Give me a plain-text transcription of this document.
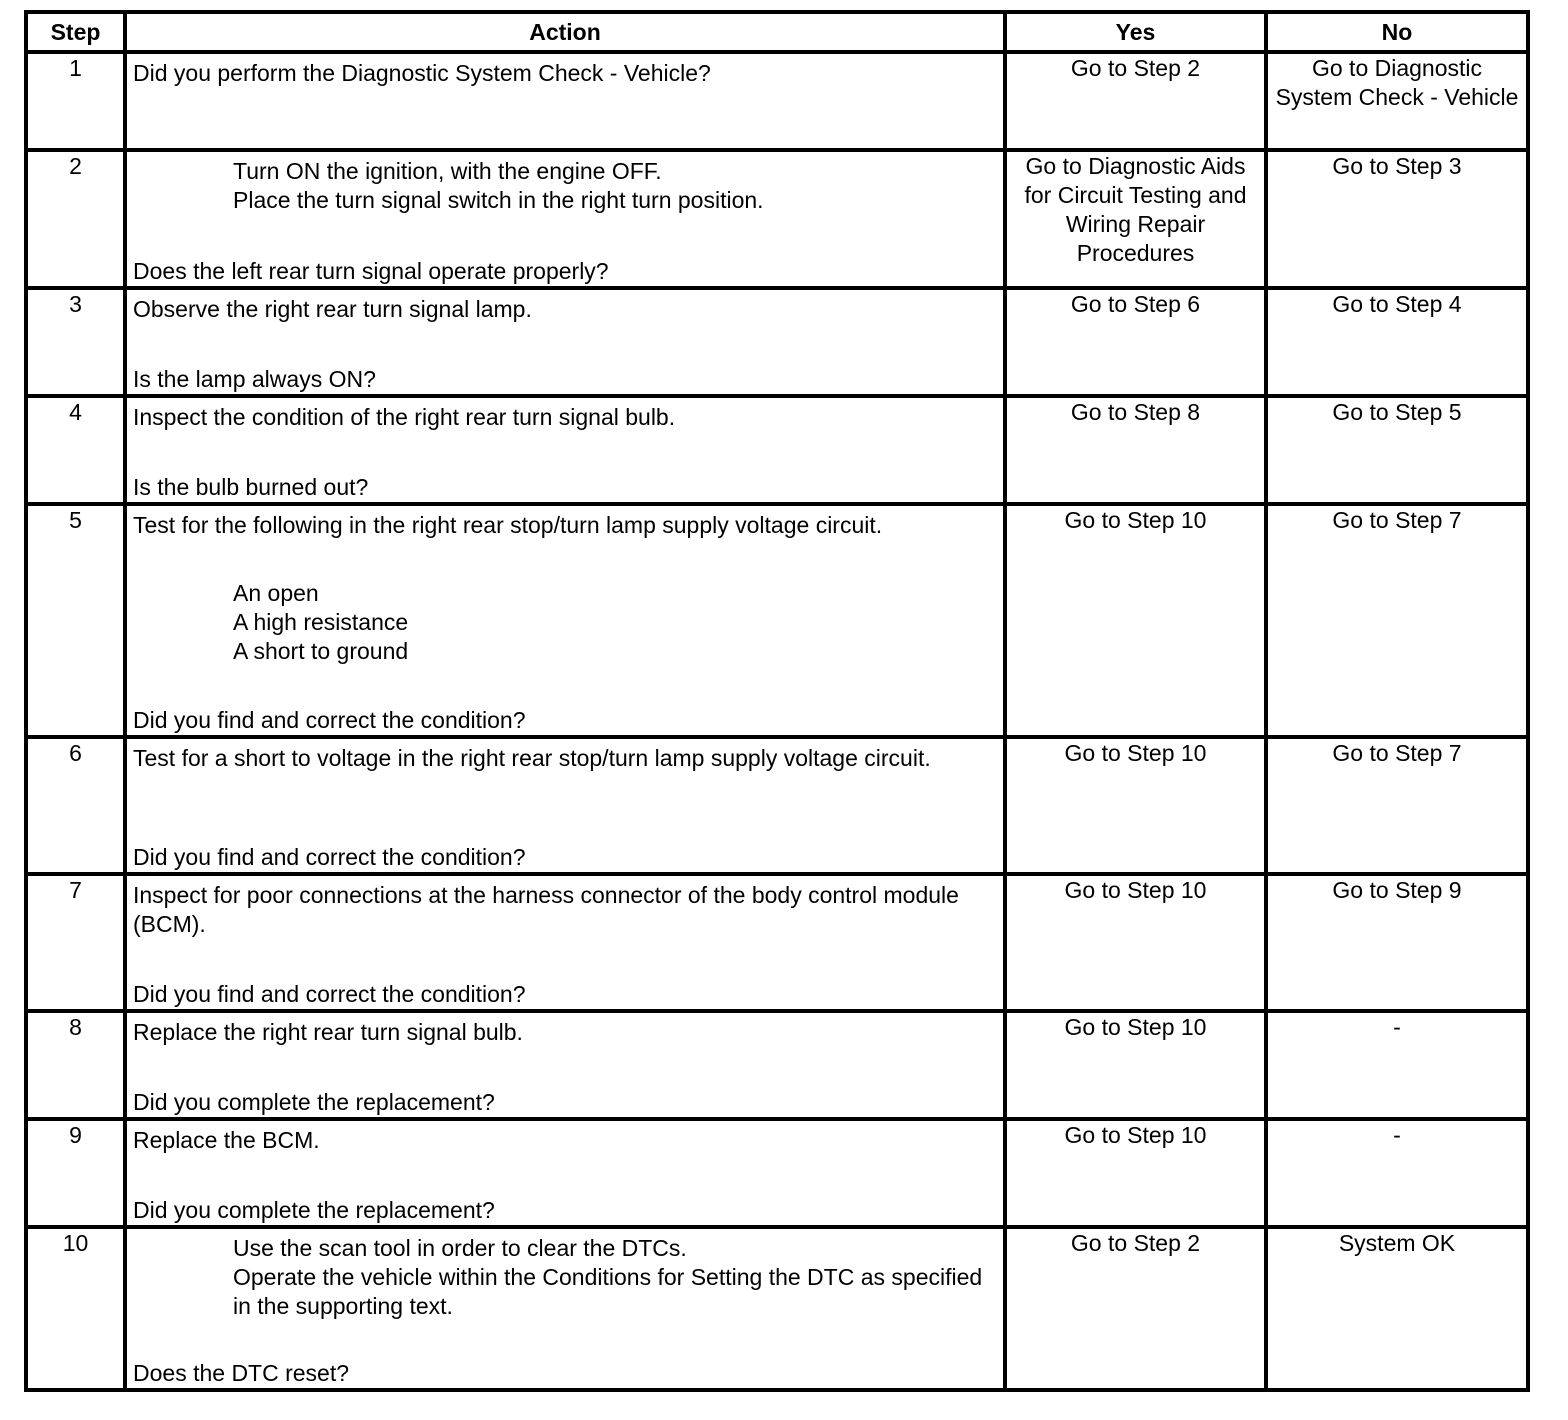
Step	Action	Yes	No
1	Did you perform the Diagnostic System Check - Vehicle?	Go to Step 2	Go to Diagnostic System Check - Vehicle
2	Turn ON the ignition, with the engine OFF.
Place the turn signal switch in the right turn position.
Does the left rear turn signal operate properly?	Go to Diagnostic Aids for Circuit Testing and Wiring Repair Procedures	Go to Step 3
3	Observe the right rear turn signal lamp.
Is the lamp always ON?	Go to Step 6	Go to Step 4
4	Inspect the condition of the right rear turn signal bulb.
Is the bulb burned out?	Go to Step 8	Go to Step 5
5	Test for the following in the right rear stop/turn lamp supply voltage circuit.
An open
A high resistance
A short to ground
Did you find and correct the condition?	Go to Step 10	Go to Step 7
6	Test for a short to voltage in the right rear stop/turn lamp supply voltage circuit.
Did you find and correct the condition?	Go to Step 10	Go to Step 7
7	Inspect for poor connections at the harness connector of the body control module (BCM).
Did you find and correct the condition?	Go to Step 10	Go to Step 9
8	Replace the right rear turn signal bulb.
Did you complete the replacement?	Go to Step 10	-
9	Replace the BCM.
Did you complete the replacement?	Go to Step 10	-
10	Use the scan tool in order to clear the DTCs.
Operate the vehicle within the Conditions for Setting the DTC as specified in the supporting text.
Does the DTC reset?	Go to Step 2	System OK
